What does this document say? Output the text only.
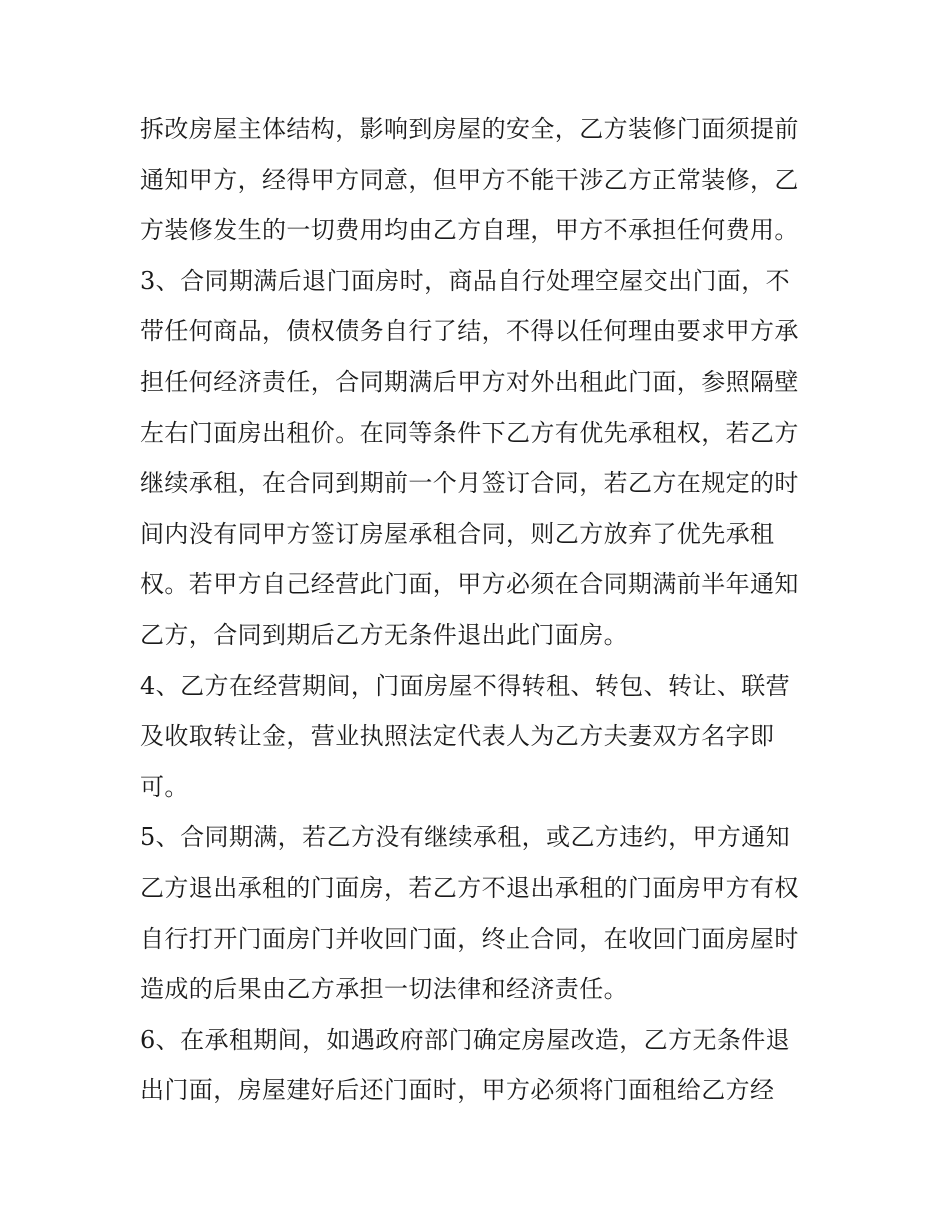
拆改房屋主体结构，影响到房屋的安全，乙方装修门面须提前
通知甲方，经得甲方同意，但甲方不能干涉乙方正常装修，乙
方装修发生的一切费用均由乙方自理，甲方不承担任何费用。
3、合同期满后退门面房时，商品自行处理空屋交出门面，不
带任何商品，债权债务自行了结，不得以任何理由要求甲方承
担任何经济责任，合同期满后甲方对外出租此门面，参照隔壁
左右门面房出租价。在同等条件下乙方有优先承租权，若乙方
继续承租，在合同到期前一个月签订合同，若乙方在规定的时
间内没有同甲方签订房屋承租合同，则乙方放弃了优先承租
权。若甲方自己经营此门面，甲方必须在合同期满前半年通知
乙方，合同到期后乙方无条件退出此门面房。
4、乙方在经营期间，门面房屋不得转租、转包、转让、联营
及收取转让金，营业执照法定代表人为乙方夫妻双方名字即
可。
5、合同期满，若乙方没有继续承租，或乙方违约，甲方通知
乙方退出承租的门面房，若乙方不退出承租的门面房甲方有权
自行打开门面房门并收回门面，终止合同，在收回门面房屋时
造成的后果由乙方承担一切法律和经济责任。
6、在承租期间，如遇政府部门确定房屋改造，乙方无条件退
出门面，房屋建好后还门面时，甲方必须将门面租给乙方经
